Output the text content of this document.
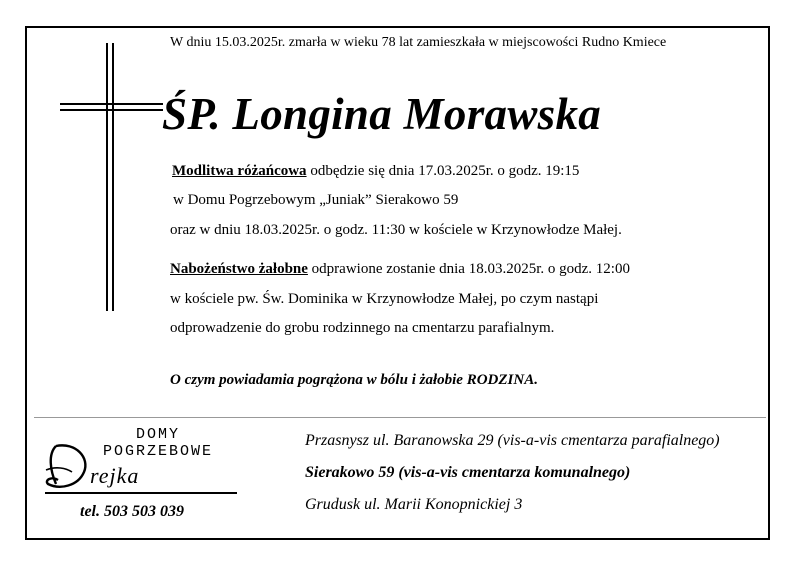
W dniu 15.03.2025r. zmarła w wieku 78 lat zamieszkała w miejscowości Rudno Kmiece
ŚP. Longina Morawska
Modlitwa różańcowa odbędzie się dnia 17.03.2025r. o godz. 19:15
w Domu Pogrzebowym „Juniak” Sierakowo 59
oraz w dniu 18.03.2025r. o godz. 11:30 w kościele w Krzynowłodze Małej.
Nabożeństwo żałobne odprawione zostanie dnia 18.03.2025r. o godz. 12:00
w kościele pw. Św. Dominika w Krzynowłodze Małej, po czym nastąpi
odprowadzenie do grobu rodzinnego na cmentarzu parafialnym.
O czym powiadamia pogrążona w bólu i żałobie RODZINA.
DOMY
POGRZEBOWE
rejka
tel. 503 503 039
Przasnysz ul. Baranowska 29 (vis-a-vis cmentarza parafialnego)
Sierakowo 59 (vis-a-vis cmentarza komunalnego)
Grudusk ul. Marii Konopnickiej 3
